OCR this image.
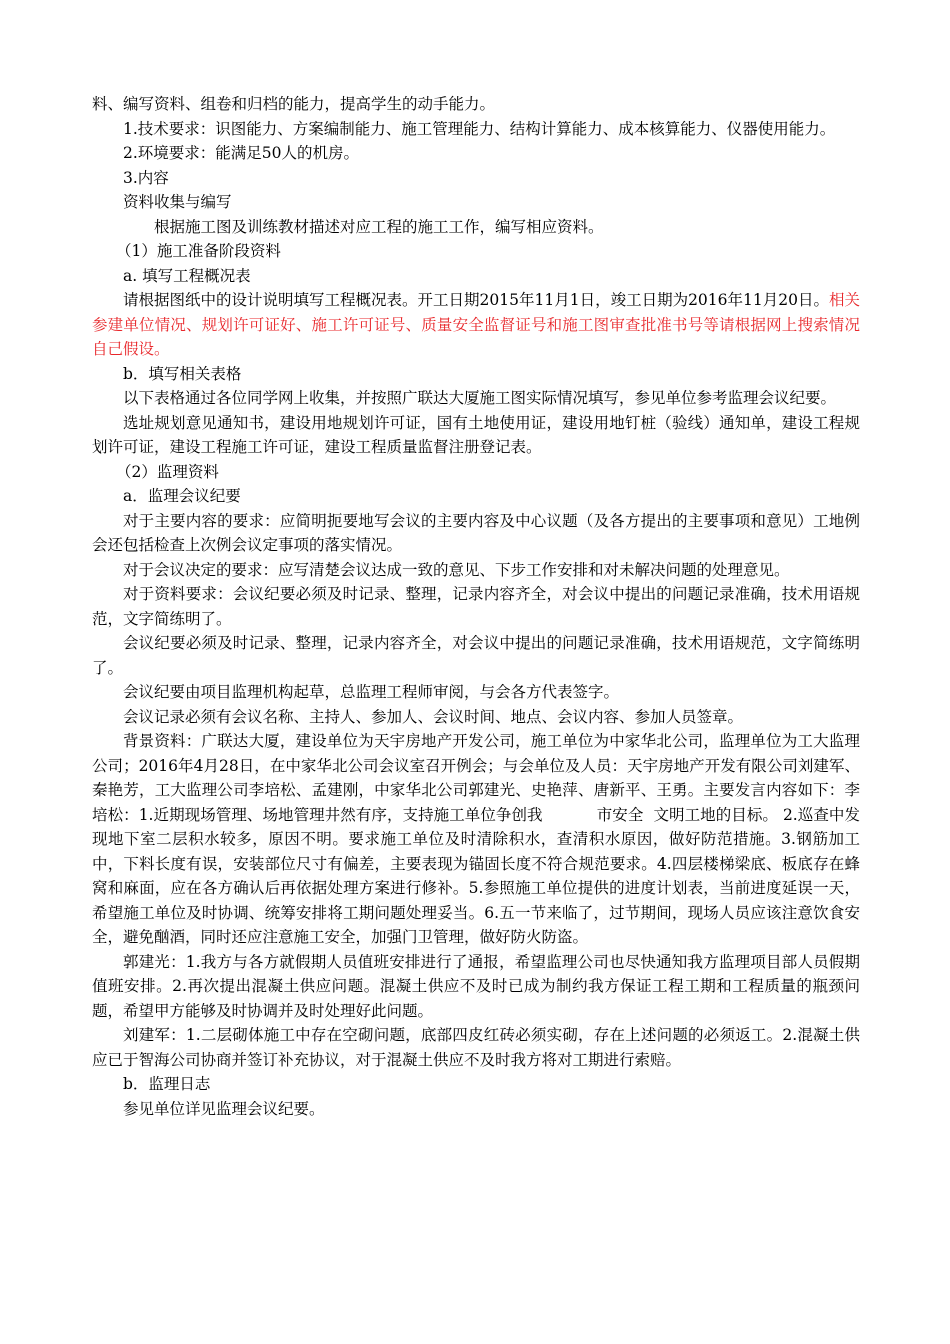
料、编写资料、组卷和归档的能力，提高学生的动手能力。

1.技术要求：识图能力、方案编制能力、施工管理能力、结构计算能力、成本核算能力、仪器使用能力。

2.环境要求：能满足50人的机房。

3.内容

资料收集与编写

根据施工图及训练教材描述对应工程的施工工作，编写相应资料。

（1）施工准备阶段资料

a. 填写工程概况表

请根据图纸中的设计说明填写工程概况表。开工日期2015年11月1日，竣工日期为2016年11月20日。相关参建单位情况、规划许可证好、施工许可证号、质量安全监督证号和施工图审查批准书号等请根据网上搜索情况自己假设。

b．填写相关表格

以下表格通过各位同学网上收集，并按照广联达大厦施工图实际情况填写，参见单位参考监理会议纪要。

选址规划意见通知书，建设用地规划许可证，国有土地使用证，建设用地钉桩（验线）通知单，建设工程规划许可证，建设工程施工许可证，建设工程质量监督注册登记表。

（2）监理资料

a．监理会议纪要

对于主要内容的要求：应简明扼要地写会议的主要内容及中心议题（及各方提出的主要事项和意见）工地例会还包括检查上次例会议定事项的落实情况。

对于会议决定的要求：应写清楚会议达成一致的意见、下步工作安排和对未解决问题的处理意见。

对于资料要求：会议纪要必须及时记录、整理，记录内容齐全，对会议中提出的问题记录准确，技术用语规范，文字简练明了。

会议纪要必须及时记录、整理，记录内容齐全，对会议中提出的问题记录准确，技术用语规范，文字简练明了。

会议纪要由项目监理机构起草，总监理工程师审阅，与会各方代表签字。

会议记录必须有会议名称、主持人、参加人、会议时间、地点、会议内容、参加人员签章。

背景资料：广联达大厦，建设单位为天宇房地产开发公司，施工单位为中家华北公司，监理单位为工大监理公司；2016年4月28日，在中家华北公司会议室召开例会；与会单位及人员：天宇房地产开发有限公司刘建军、秦艳芳，工大监理公司李培松、孟建刚，中家华北公司郭建光、史艳萍、唐新平、王勇。主要发言内容如下：李培松：1.近期现场管理、场地管理井然有序，支持施工单位争创我	市安全 文明工地的目标。 2.巡查中发现地下室二层积水较多，原因不明。要求施工单位及时清除积水，查清积水原因，做好防范措施。3.钢筋加工中，下料长度有误，安装部位尺寸有偏差，主要表现为锚固长度不符合规范要求。4.四层楼梯梁底、板底存在蜂窝和麻面，应在各方确认后再依据处理方案进行修补。5.参照施工单位提供的进度计划表，当前进度延误一天，希望施工单位及时协调、统筹安排将工期问题处理妥当。6.五一节来临了，过节期间，现场人员应该注意饮食安全，避免酗酒，同时还应注意施工安全，加强门卫管理，做好防火防盗。

郭建光：1.我方与各方就假期人员值班安排进行了通报，希望监理公司也尽快通知我方监理项目部人员假期值班安排。2.再次提出混凝土供应问题。混凝土供应不及时已成为制约我方保证工程工期和工程质量的瓶颈问题，希望甲方能够及时协调并及时处理好此问题。

刘建军：1.二层砌体施工中存在空砌问题，底部四皮红砖必须实砌，存在上述问题的必须返工。2.混凝土供应已于智海公司协商并签订补充协议，对于混凝土供应不及时我方将对工期进行索赔。

b．监理日志

参见单位详见监理会议纪要。
